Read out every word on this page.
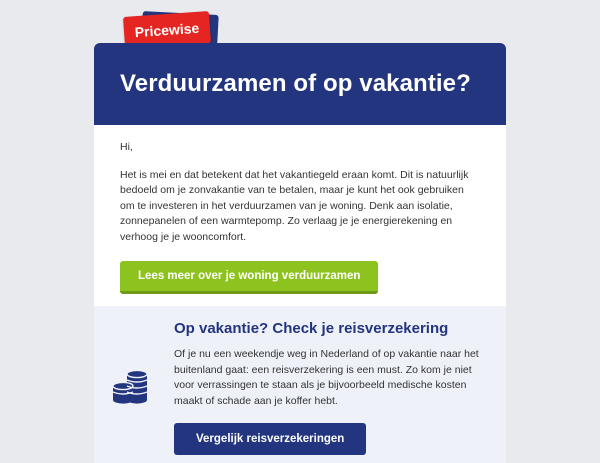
Pricewise
Verduurzamen of op vakantie?

Hi,

Het is mei en dat betekent dat het vakantiegeld eraan komt. Dit is natuurlijk bedoeld om je zonvakantie van te betalen, maar je kunt het ook gebruiken om te investeren in het verduurzamen van je woning. Denk aan isolatie, zonnepanelen of een warmtepomp. Zo verlaag je je energierekening en verhoog je je wooncomfort.

Lees meer over je woning verduurzamen
Op vakantie? Check je reisverzekering

Of je nu een weekendje weg in Nederland of op vakantie naar het buitenland gaat: een reisverzekering is een must. Zo kom je niet voor verrassingen te staan als je bijvoorbeeld medische kosten maakt of schade aan je koffer hebt.

Vergelijk reisverzekeringen
